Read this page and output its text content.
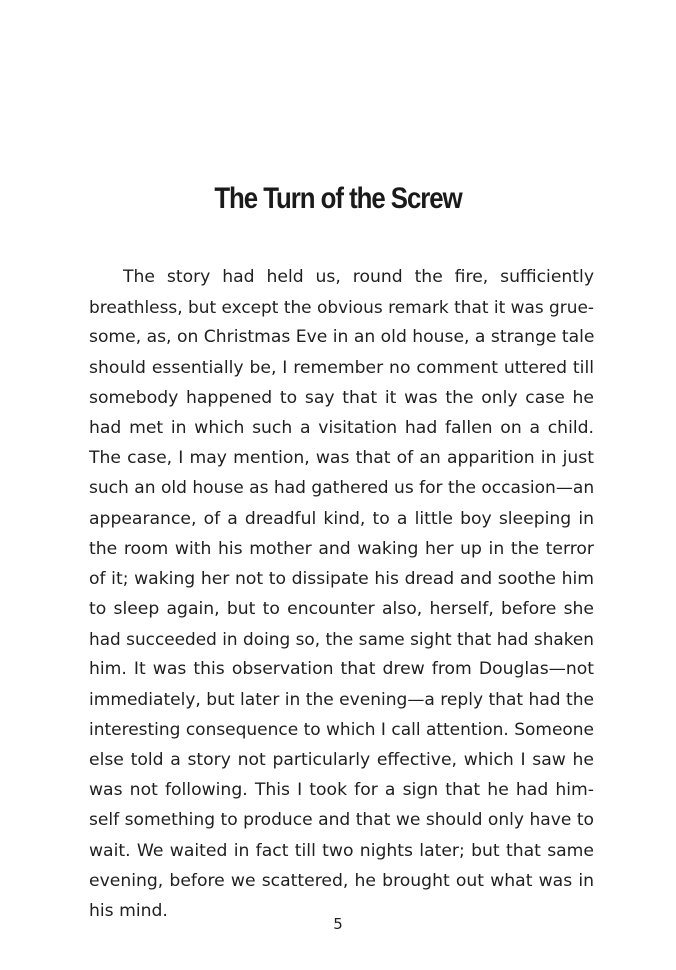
The Turn of the Screw
The story had held us, round the fire, sufficiently
breathless, but except the obvious remark that it was grue-
some, as, on Christmas Eve in an old house, a strange tale
should essentially be, I remember no comment uttered till
somebody happened to say that it was the only case he
had met in which such a visitation had fallen on a child.
The case, I may mention, was that of an apparition in just
such an old house as had gathered us for the occasion—an
appearance, of a dreadful kind, to a little boy sleeping in
the room with his mother and waking her up in the terror
of it; waking her not to dissipate his dread and soothe him
to sleep again, but to encounter also, herself, before she
had succeeded in doing so, the same sight that had shaken
him. It was this observation that drew from Douglas—not
immediately, but later in the evening—a reply that had the
interesting consequence to which I call attention. Someone
else told a story not particularly effective, which I saw he
was not following. This I took for a sign that he had him-
self something to produce and that we should only have to
wait. We waited in fact till two nights later; but that same
evening, before we scattered, he brought out what was in
his mind.
5
